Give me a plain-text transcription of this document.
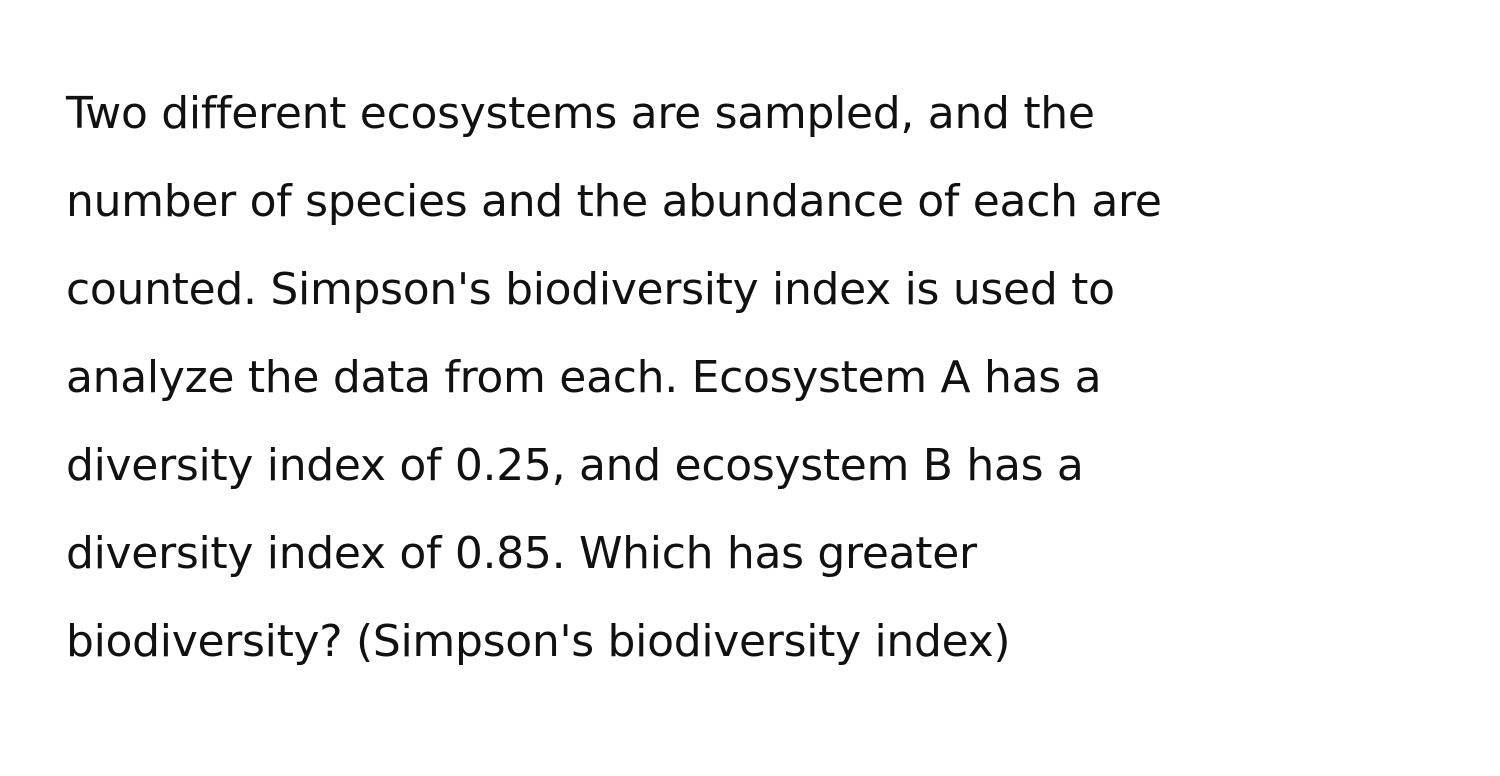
Two different ecosystems are sampled, and the
number of species and the abundance of each are
counted. Simpson's biodiversity index is used to
analyze the data from each. Ecosystem A has a
diversity index of 0.25, and ecosystem B has a
diversity index of 0.85. Which has greater
biodiversity? (Simpson's biodiversity index)
